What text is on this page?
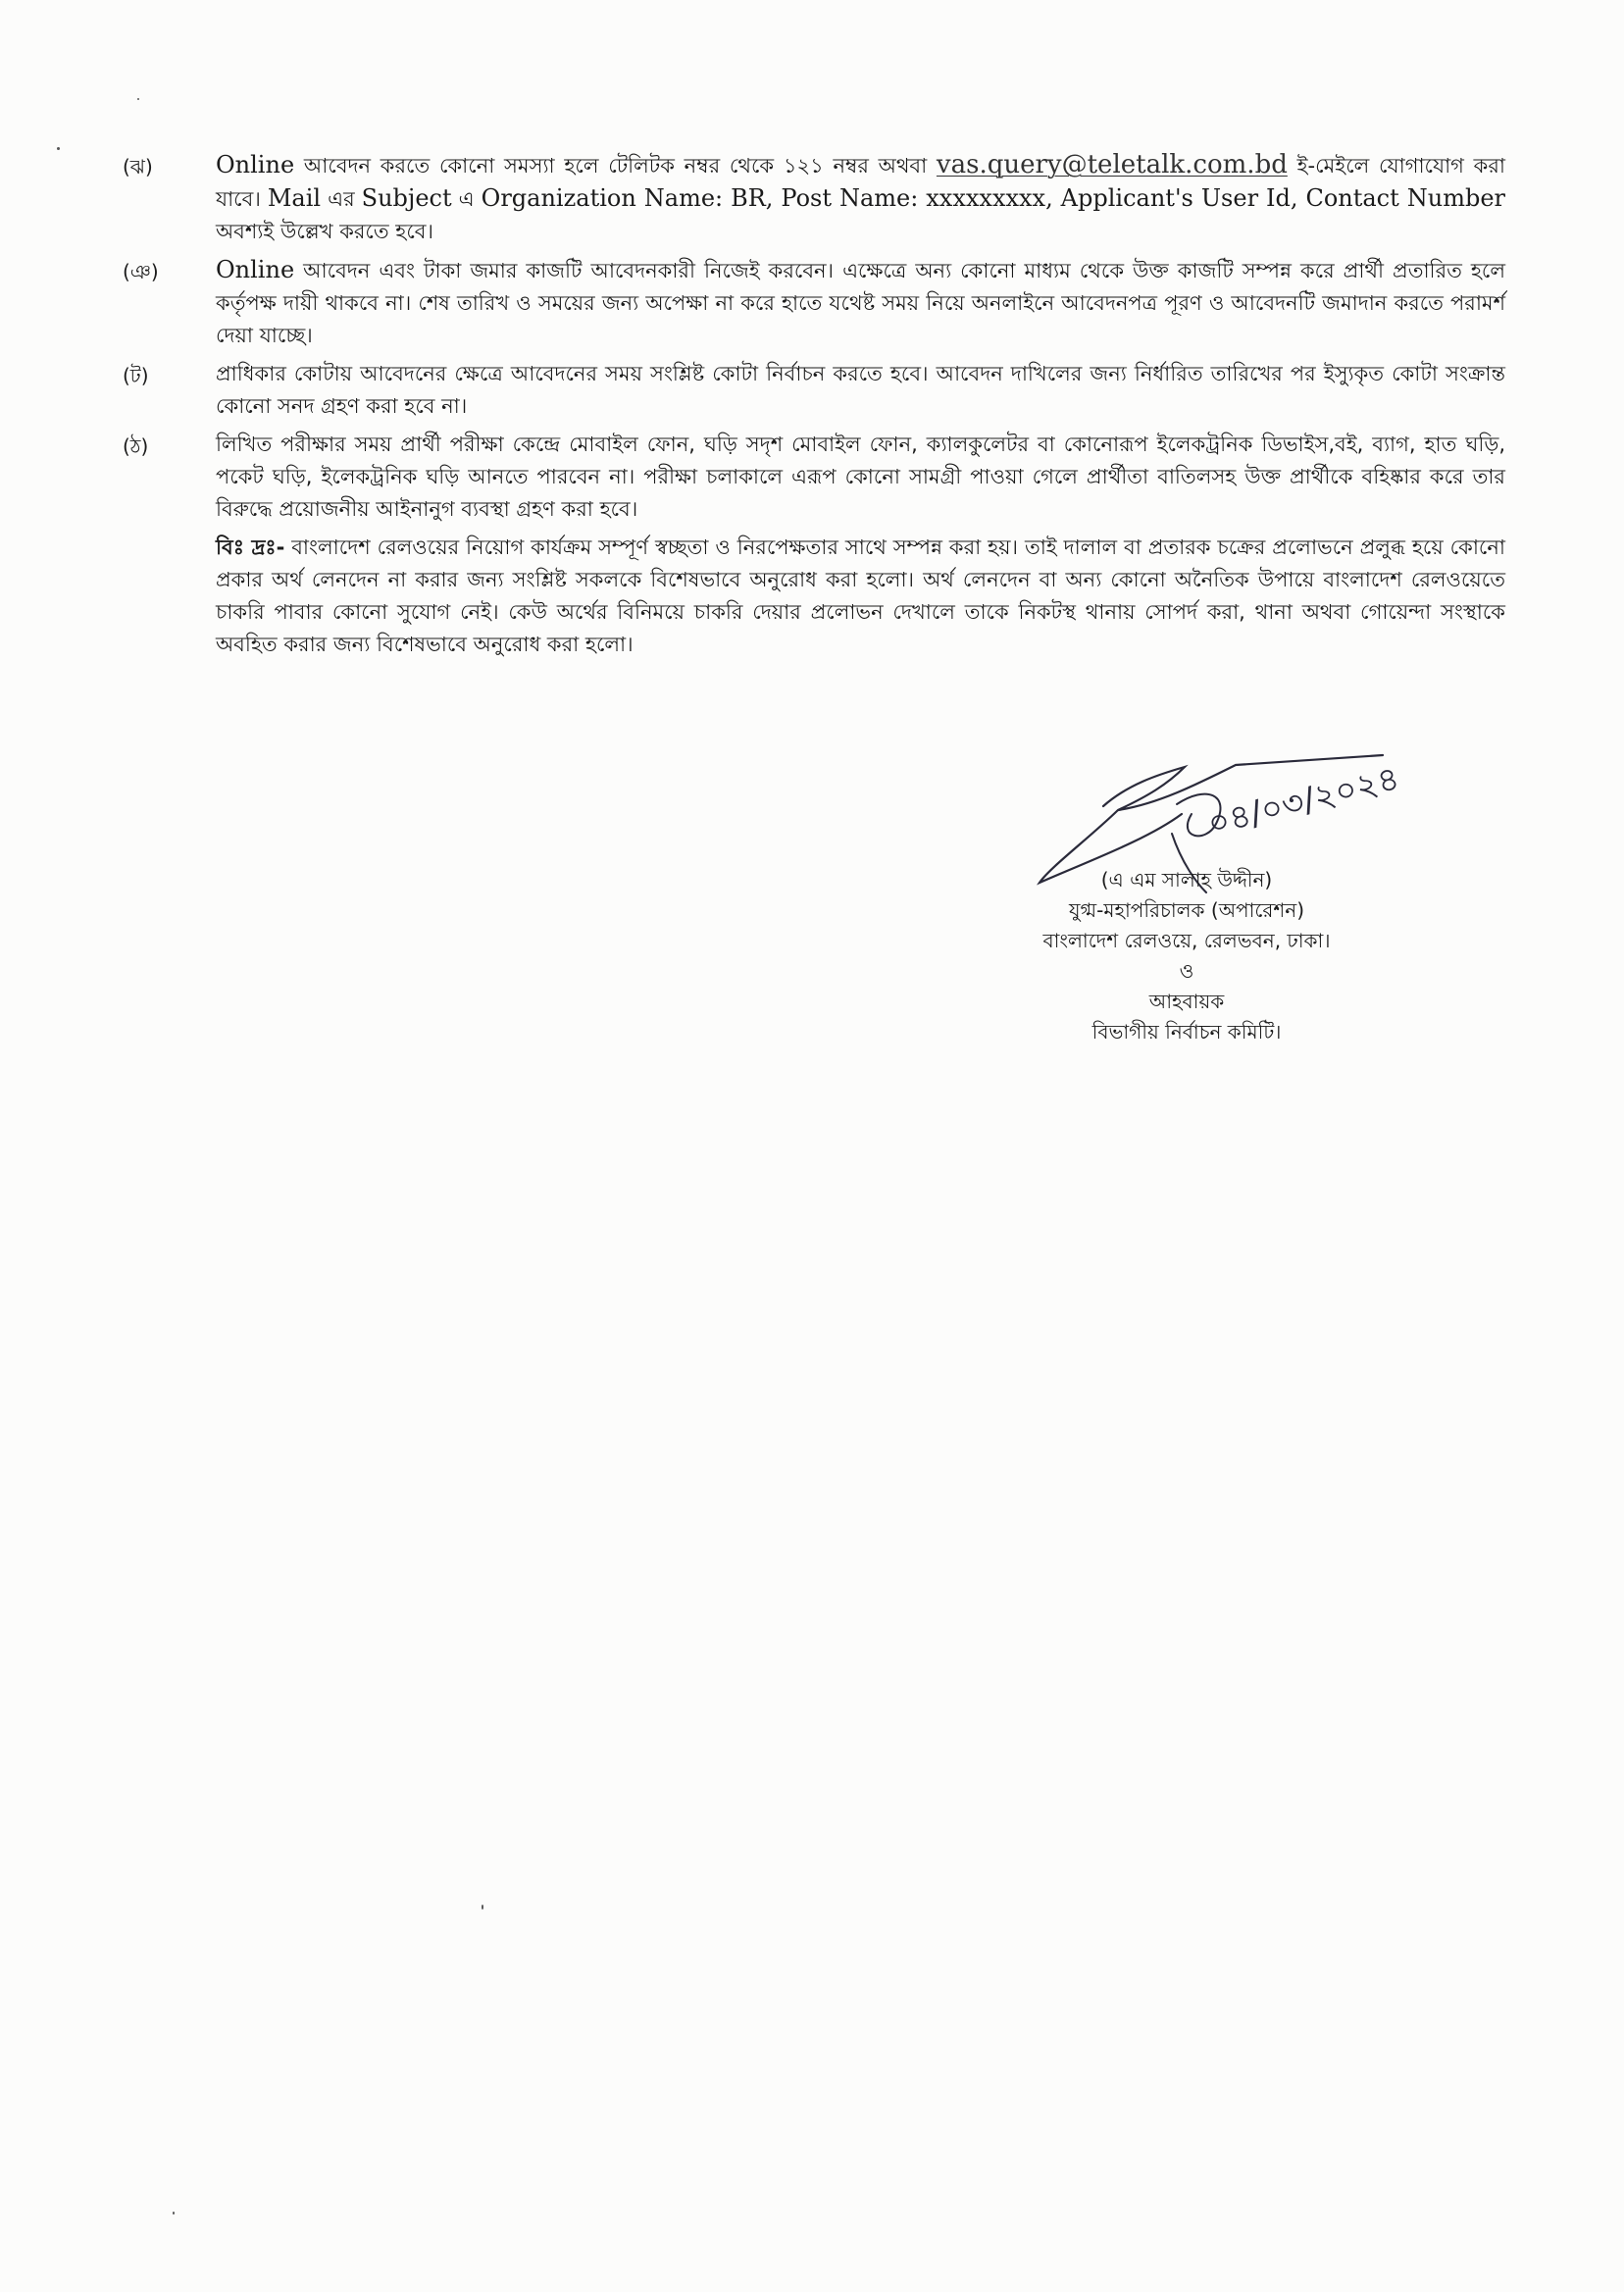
(ঝ)	Online আবেদন করতে কোনো সমস্যা হলে টেলিটক নম্বর থেকে ১২১ নম্বর অথবা vas.query@teletalk.com.bd ই-মেইলে যোগাযোগ করা যাবে। Mail এর Subject এ Organization Name: BR, Post Name: xxxxxxxxx, Applicant's User Id, Contact Number অবশ্যই উল্লেখ করতে হবে।
(ঞ)	Online আবেদন এবং টাকা জমার কাজটি আবেদনকারী নিজেই করবেন। এক্ষেত্রে অন্য কোনো মাধ্যম থেকে উক্ত কাজটি সম্পন্ন করে প্রার্থী প্রতারিত হলে কর্তৃপক্ষ দায়ী থাকবে না। শেষ তারিখ ও সময়ের জন্য অপেক্ষা না করে হাতে যথেষ্ট সময় নিয়ে অনলাইনে আবেদনপত্র পূরণ ও আবেদনটি জমাদান করতে পরামর্শ দেয়া যাচ্ছে।
(ট)	প্রাধিকার কোটায় আবেদনের ক্ষেত্রে আবেদনের সময় সংশ্লিষ্ট কোটা নির্বাচন করতে হবে। আবেদন দাখিলের জন্য নির্ধারিত তারিখের পর ইস্যুকৃত কোটা সংক্রান্ত কোনো সনদ গ্রহণ করা হবে না।
(ঠ)	লিখিত পরীক্ষার সময় প্রার্থী পরীক্ষা কেন্দ্রে মোবাইল ফোন, ঘড়ি সদৃশ মোবাইল ফোন, ক্যালকুলেটর বা কোনোরূপ ইলেকট্রনিক ডিভাইস,বই, ব্যাগ, হাত ঘড়ি, পকেট ঘড়ি, ইলেকট্রনিক ঘড়ি আনতে পারবেন না। পরীক্ষা চলাকালে এরূপ কোনো সামগ্রী পাওয়া গেলে প্রার্থীতা বাতিলসহ উক্ত প্রার্থীকে বহিষ্কার করে তার বিরুদ্ধে প্রয়োজনীয় আইনানুগ ব্যবস্থা গ্রহণ করা হবে।
বিঃ দ্রঃ- বাংলাদেশ রেলওয়ের নিয়োগ কার্যক্রম সম্পূর্ণ স্বচ্ছতা ও নিরপেক্ষতার সাথে সম্পন্ন করা হয়। তাই দালাল বা প্রতারক চক্রের প্রলোভনে প্রলুব্ধ হয়ে কোনো প্রকার অর্থ লেনদেন না করার জন্য সংশ্লিষ্ট সকলকে বিশেষভাবে অনুরোধ করা হলো। অর্থ লেনদেন বা অন্য কোনো অনৈতিক উপায়ে বাংলাদেশ রেলওয়েতে চাকরি পাবার কোনো সুযোগ নেই। কেউ অর্থের বিনিময়ে চাকরি দেয়ার প্রলোভন দেখালে তাকে নিকটস্থ থানায় সোপর্দ করা, থানা অথবা গোয়েন্দা সংস্থাকে অবহিত করার জন্য বিশেষভাবে অনুরোধ করা হলো।
০৪/০৩/২০২৪
(এ এম সালাহ উদ্দীন)
যুগ্ম-মহাপরিচালক (অপারেশন)
বাংলাদেশ রেলওয়ে, রেলভবন, ঢাকা।
ও
আহবায়ক
বিভাগীয় নির্বাচন কমিটি।
